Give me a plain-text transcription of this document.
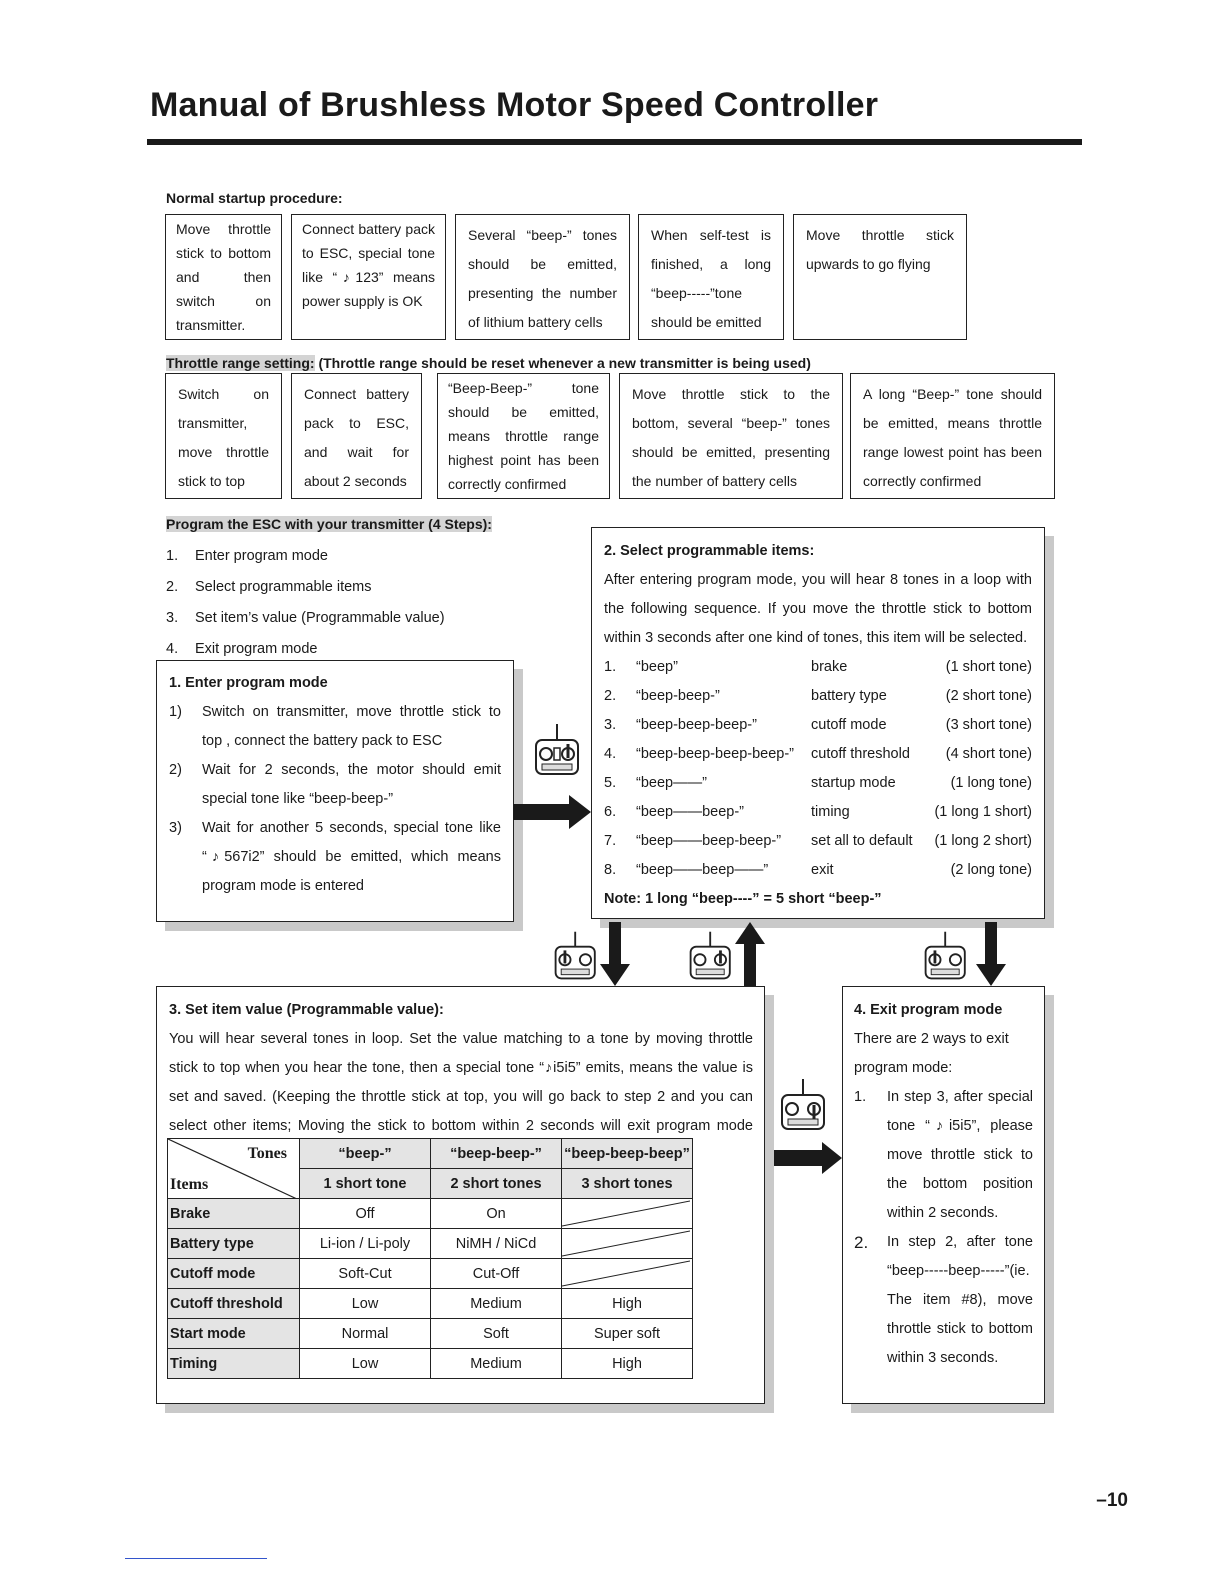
Manual of Brushless Motor Speed Controller
Normal startup procedure:
Move throttle stick to bottom and then switch on transmitter.
Connect battery pack to ESC, special tone like “♪123” means power supply is OK
Several “beep-” tones should be emitted, presenting the number of lithium battery cells
When self-test is finished, a long “beep-----”tone should be emitted
Move throttle stick upwards to go flying
Throttle range setting: (Throttle range should be reset whenever a new transmitter is being used)
Switch on transmitter, move throttle stick to top
Connect battery pack to ESC, and wait for about 2 seconds
“Beep-Beep-” tone should be emitted, means throttle range highest point has been correctly confirmed
Move throttle stick to the bottom, several “beep-” tones should be emitted, presenting the number of battery cells
A long “Beep-” tone should be emitted, means throttle range lowest point has been correctly confirmed
Program the ESC with your transmitter (4 Steps):
1. Enter program mode
2. Select programmable items
3. Set item’s value (Programmable value)
4. Exit program mode
1. Enter program mode
1)	Switch on transmitter, move throttle stick to top , connect the battery pack to ESC
2)	Wait for 2 seconds, the motor should emit special tone like “beep-beep-”
3)	Wait for another 5 seconds, special tone like “♪567i2” should be emitted, which means program mode is entered
2. Select programmable items:
After entering program mode, you will hear 8 tones in a loop with the following sequence. If you move the throttle stick to bottom within 3 seconds after one kind of tones, this item will be selected.
1.	“beep”	brake	(1 short tone)
2.	“beep-beep-”	battery type	(2 short tone)
3.	“beep-beep-beep-”	cutoff mode	(3 short tone)
4.	“beep-beep-beep-beep-”	cutoff threshold	(4 short tone)
5.	“beep——”	startup mode	(1 long tone)
6.	“beep——beep-”	timing	(1 long 1 short)
7.	“beep——beep-beep-”	set all to default	(1 long 2 short)
8.	“beep——beep——”	exit	(2 long tone)
Note: 1 long “beep----” = 5 short “beep-”
3. Set item value (Programmable value):
You will hear several tones in loop. Set the value matching to a tone by moving throttle stick to top when you hear the tone, then a special tone “♪i5i5” emits, means the value is set and saved. (Keeping the throttle stick at top, you will go back to step 2 and you can select other items; Moving the stick to bottom within 2 seconds will exit program mode
Tones
Items	“beep-”	“beep-beep-”	“beep-beep-beep”
	1 short tone	2 short tones	3 short tones
Brake	Off	On	

Battery type	Li-ion / Li-poly	NiMH / NiCd	

Cutoff mode	Soft-Cut	Cut-Off	

Cutoff threshold	Low	Medium	High
Start mode	Normal	Soft	Super soft
Timing	Low	Medium	High
4. Exit program mode
There are 2 ways to exit program mode:
1.	In step 3, after special tone “♪i5i5”, please move throttle stick to the bottom position within 2 seconds.
2.	In step 2, after tone “beep-----beep-----”(ie. The item #8), move throttle stick to bottom within 3 seconds.
–10
